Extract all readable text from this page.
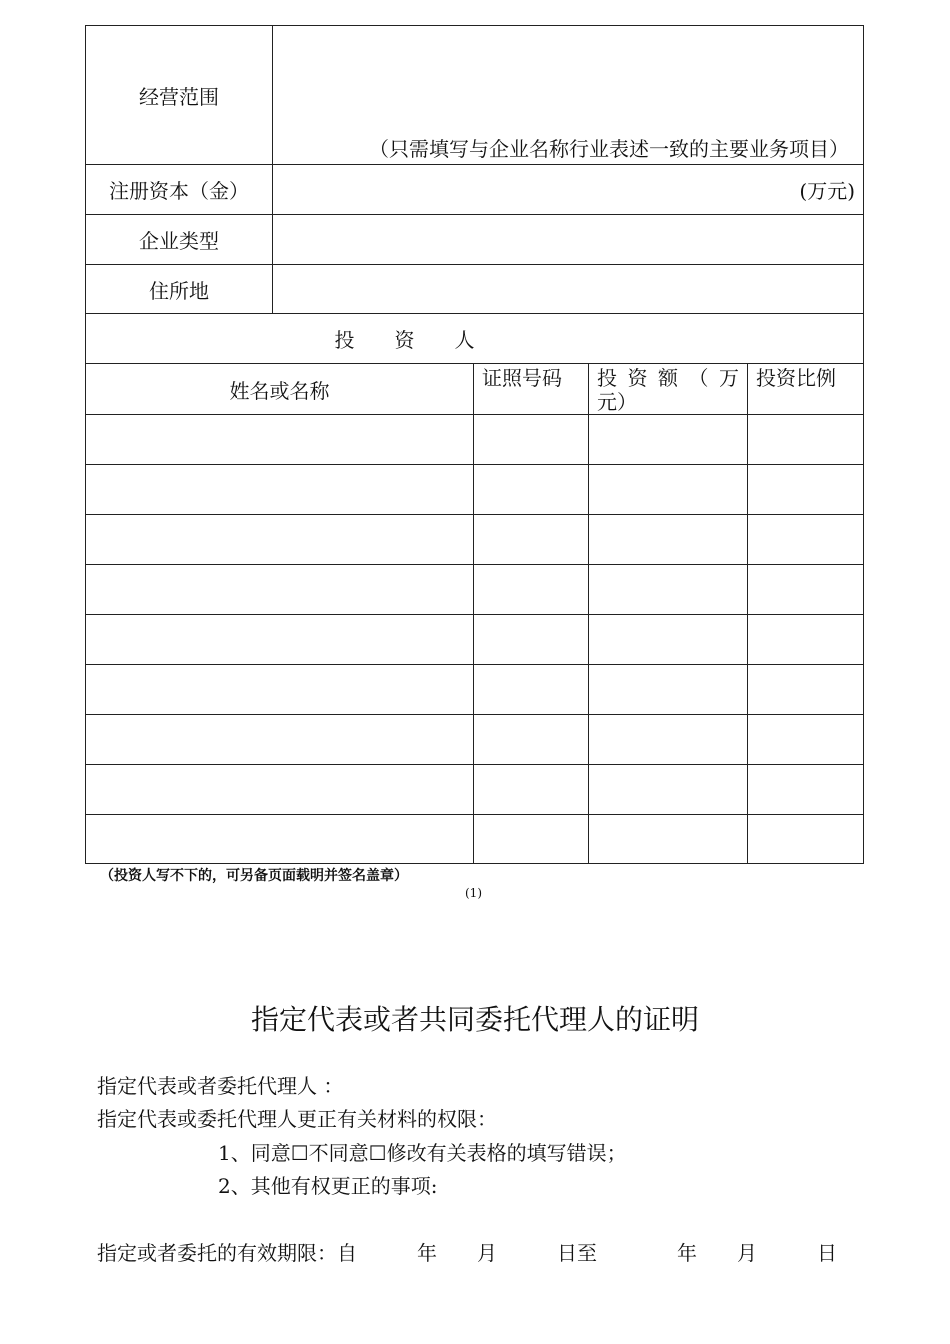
经营范围	（只需填写与企业名称行业表述一致的主要业务项目）			
注册资本（金）	(万元)			
企业类型				
住所地				
投　　资　　人				
姓名或名称		证照号码	投 资 额 （ 万 元）	投资比例

（投资人写不下的，可另备页面载明并签名盖章）
(1)
指定代表或者共同委托代理人的证明
指定代表或者委托代理人 ：
指定代表或委托代理人更正有关材料的权限：
1、同意☐不同意☐修改有关表格的填写错误；
2、其他有权更正的事项:
指定或者委托的有效期限：自　　　年　　月　　　日至　　　　年　　月　　　日
